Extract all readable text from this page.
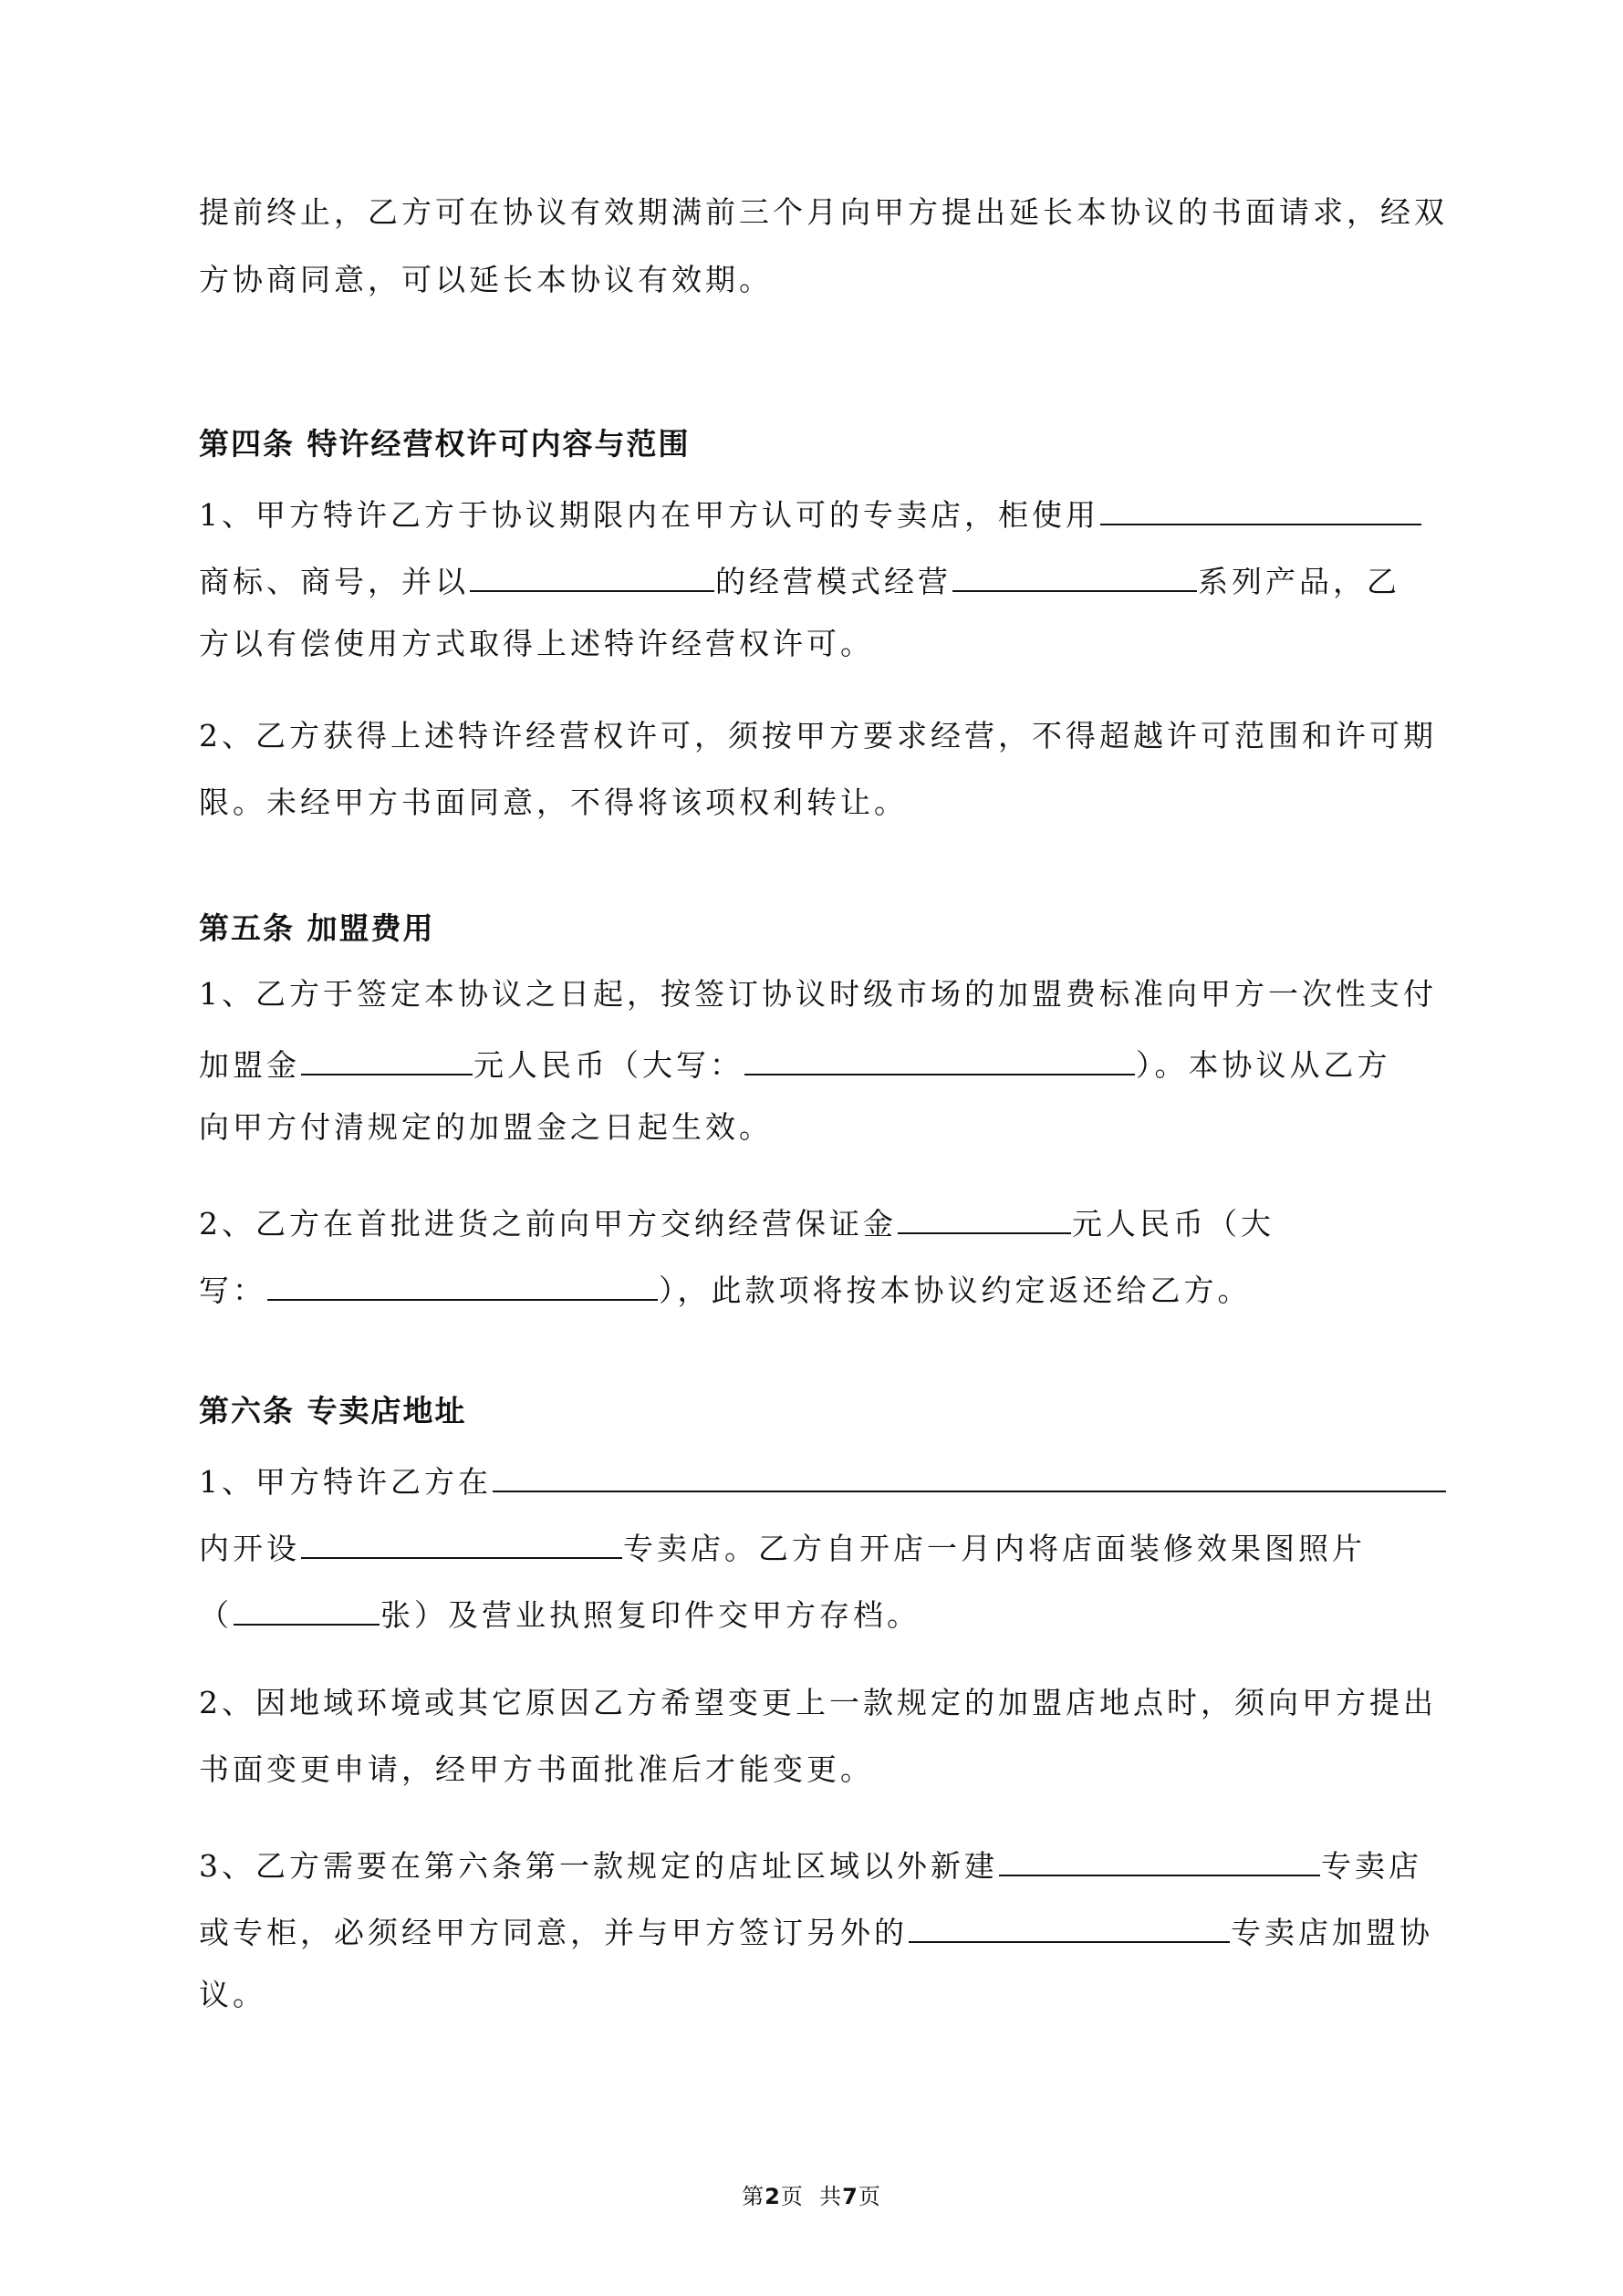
提前终止，乙方可在协议有效期满前三个月向甲方提出延长本协议的书面请求，经双
方协商同意，可以延长本协议有效期。
第四条 特许经营权许可内容与范围
1、甲方特许乙方于协议期限内在甲方认可的专卖店，柜使用
商标、商号，并以	的经营模式经营	系列产品，乙
方以有偿使用方式取得上述特许经营权许可。
2、乙方获得上述特许经营权许可，须按甲方要求经营，不得超越许可范围和许可期
限。未经甲方书面同意，不得将该项权利转让。
第五条 加盟费用
1、乙方于签定本协议之日起，按签订协议时级市场的加盟费标准向甲方一次性支付
加盟金	元人民币（大写：	）。本协议从乙方
向甲方付清规定的加盟金之日起生效。
2、乙方在首批进货之前向甲方交纳经营保证金	元人民币（大
写：	），此款项将按本协议约定返还给乙方。
第六条 专卖店地址
1、甲方特许乙方在
内开设	专卖店。乙方自开店一月内将店面装修效果图照片
（	张）及营业执照复印件交甲方存档。
2、因地域环境或其它原因乙方希望变更上一款规定的加盟店地点时，须向甲方提出
书面变更申请，经甲方书面批准后才能变更。
3、乙方需要在第六条第一款规定的店址区域以外新建	专卖店
或专柜，必须经甲方同意，并与甲方签订另外的	专卖店加盟协
议。
第2页  共7页
